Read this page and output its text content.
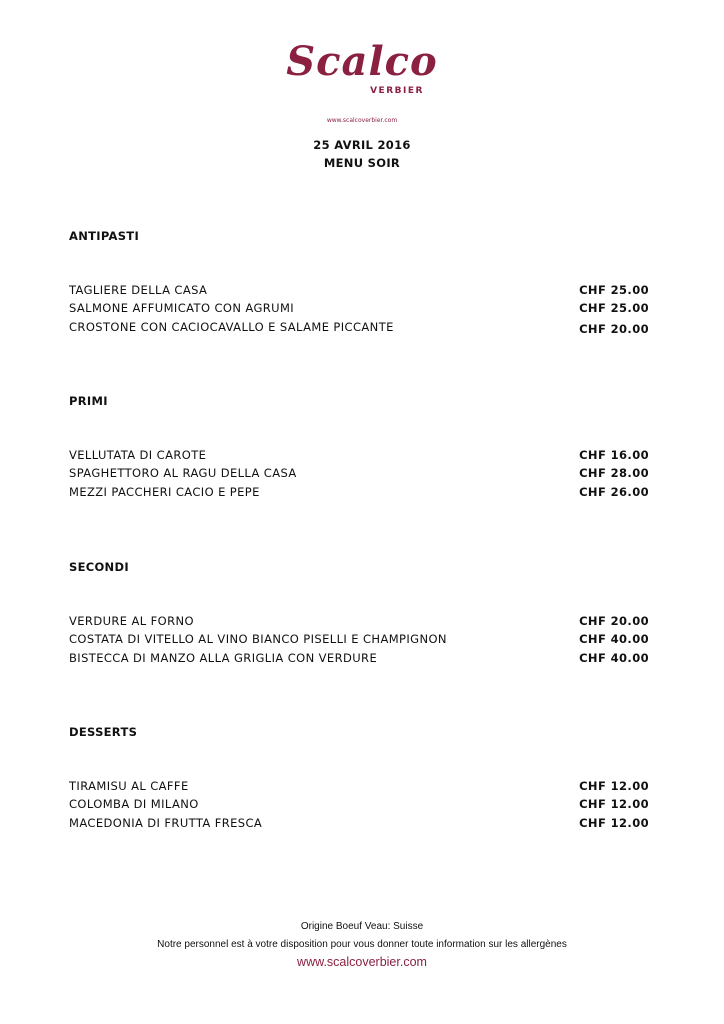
Scalco
VERBIER
www.scalcoverbier.com
25 AVRIL 2016
MENU SOIR
ANTIPASTI
TAGLIERE DELLA CASA	CHF 25.00
SALMONE AFFUMICATO CON AGRUMI	CHF 25.00
CROSTONE CON CACIOCAVALLO E SALAME PICCANTE	CHF 20.00
PRIMI
VELLUTATA DI CAROTE	CHF 16.00
SPAGHETTORO AL RAGU DELLA CASA	CHF 28.00
MEZZI PACCHERI CACIO E PEPE	CHF 26.00
SECONDI
VERDURE AL FORNO	CHF 20.00
COSTATA DI VITELLO AL VINO BIANCO PISELLI E CHAMPIGNON	CHF 40.00
BISTECCA DI MANZO ALLA GRIGLIA CON VERDURE	CHF 40.00
DESSERTS
TIRAMISU AL CAFFE	CHF 12.00
COLOMBA DI MILANO	CHF 12.00
MACEDONIA DI FRUTTA FRESCA	CHF 12.00
Origine Boeuf Veau: Suisse
Notre personnel est à votre disposition pour vous donner toute information sur les allergènes
www.scalcoverbier.com
